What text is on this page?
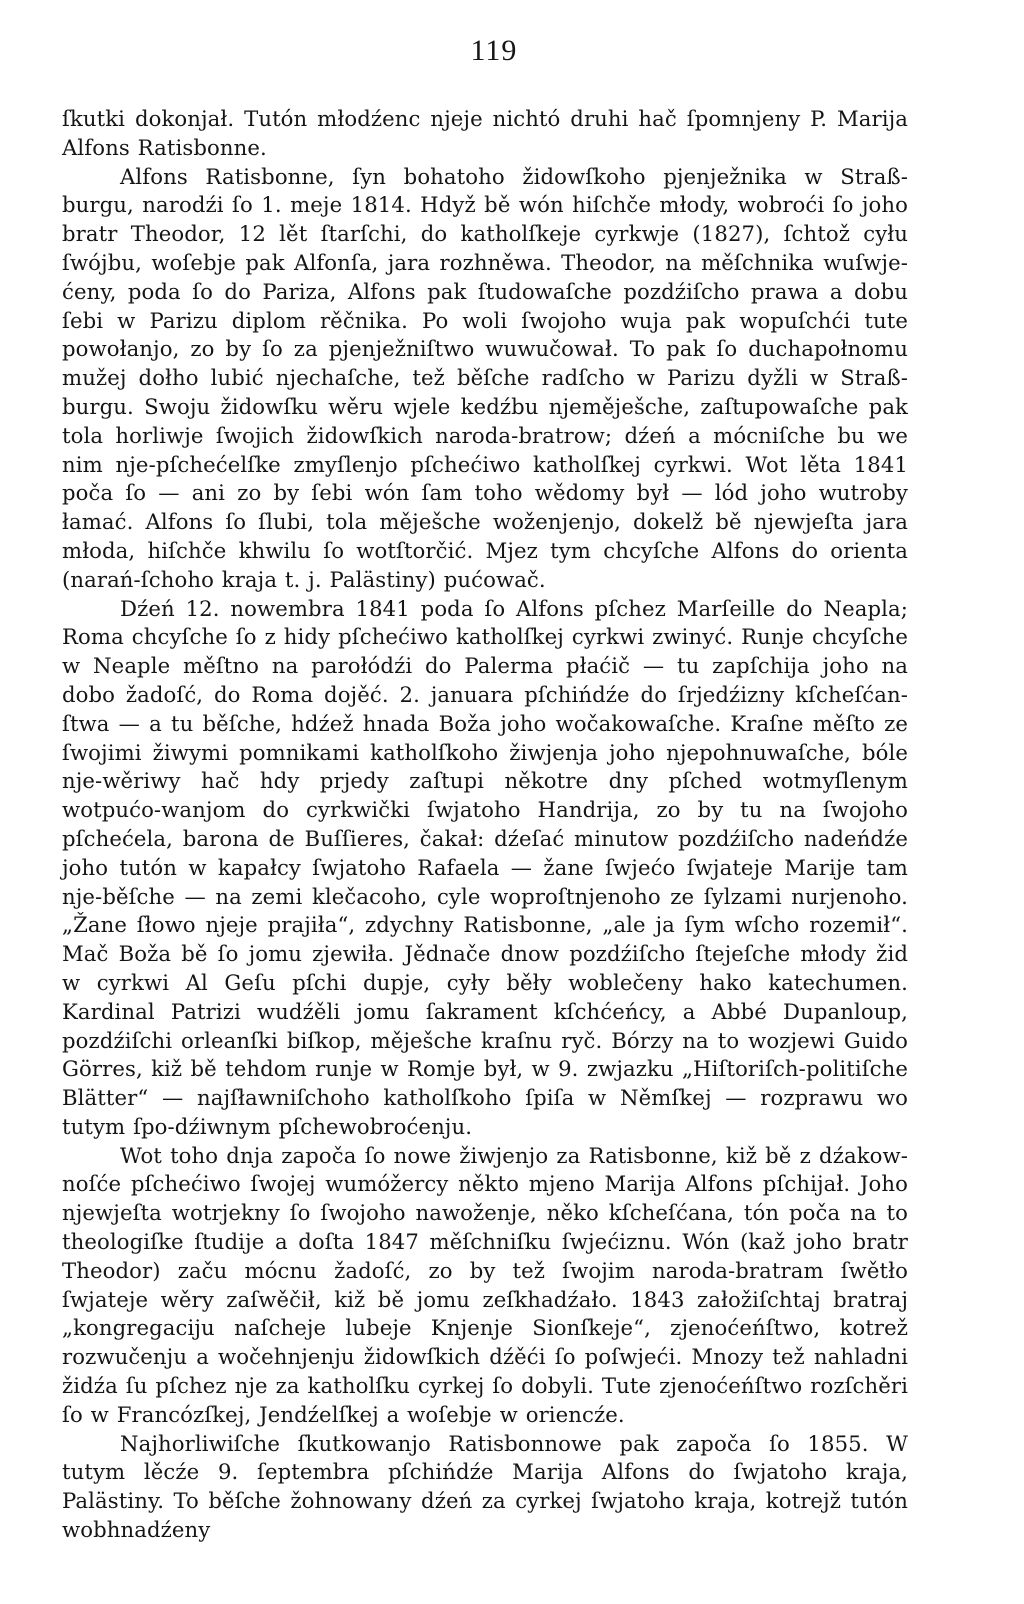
119

ſkutki dokonjał. Tutón młodźenc njeje nichtó druhi hač ſpomnjeny P. Marija Alfons Ratisbonne.

Alfons Ratisbonne, ſyn bohatoho židowſkoho pjenježnika w Straß-burgu, narodźi ſo 1. meje 1814. Hdyž bě wón hiſchče młody, wobroći ſo joho bratr Theodor, 12 lět ſtarſchi, do katholſkeje cyrkwje (1827), ſchtož cyłu ſwójbu, woſebje pak Alfonſa, jara rozhněwa. Theodor, na měſchnika wuſwje-ćeny, poda ſo do Pariza, Alfons pak ſtudowaſche pozdźiſcho prawa a dobu ſebi w Parizu diplom rěčnika. Po woli ſwojoho wuja pak wopuſchći tute powołanjo, zo by ſo za pjenježniſtwo wuwučował. To pak ſo duchapołnomu mužej dołho lubić njechaſche, tež běſche radſcho w Parizu dyžli w Straß-burgu. Swoju židowſku wěru wjele kedźbu njeměješche, zaſtupowaſche pak tola horliwje ſwojich židowſkich naroda-bratrow; dźeń a mócniſche bu we nim nje-pſchećelſke zmyſlenjo pſchećiwo katholſkej cyrkwi. Wot lěta 1841 poča ſo — ani zo by ſebi wón ſam toho wědomy był — lód joho wutroby łamać. Alfons ſo ſlubi, tola měješche woženjenjo, dokelž bě njewjeſta jara młoda, hiſchče khwilu ſo wotſtorčić. Mjez tym chcyſche Alfons do orienta (narań-ſchoho kraja t. j. Palästiny) pućowač.

Dźeń 12. nowembra 1841 poda ſo Alfons pſchez Marſeille do Neapla; Roma chcyſche ſo z hidy pſchećiwo katholſkej cyrkwi zwinyć. Runje chcyſche w Neaple měſtno na parołódźi do Palerma płaćič — tu zapſchija joho na dobo žadoſć, do Roma dojěć. 2. januara pſchińdźe do ſrjedźizny kſcheſćan-ſtwa — a tu běſche, hdźež hnada Boža joho wočakowaſche. Kraſne měſto ze ſwojimi žiwymi pomnikami katholſkoho žiwjenja joho njepohnuwaſche, bóle nje-wěriwy hač hdy prjedy zaſtupi někotre dny pſched wotmyſlenym wotpućo-wanjom do cyrkwički ſwjatoho Handrija, zo by tu na ſwojoho pſchećela, barona de Buſſieres, čakał: dźeſać minutow pozdźiſcho nadeńdźe joho tutón w kapałcy ſwjatoho Rafaela — žane ſwjećo ſwjateje Marije tam nje-běſche — na zemi klečacoho, cyle woproſtnjenoho ze ſylzami nurjenoho. „Žane ſłowo njeje prajiła“, zdychny Ratisbonne, „ale ja ſym wſcho rozemił“. Mač Boža bě ſo jomu zjewiła. Jědnače dnow pozdźiſcho ſtejeſche młody žid w cyrkwi Al Geſu pſchi dupje, cyły běły woblečeny hako katechumen. Kardinal Patrizi wudźěli jomu ſakrament kſchćeńcy, a Abbé Dupanloup, pozdźiſchi orleanſki biſkop, měješche kraſnu ryč. Bórzy na to wozjewi Guido Görres, kiž bě tehdom runje w Romje był, w 9. zwjazku „Hiſtoriſch-politiſche Blätter“ — najſławniſchoho katholſkoho ſpiſa w Němſkej — rozprawu wo tutym ſpo-dźiwnym pſchewobroćenju.

Wot toho dnja započa ſo nowe žiwjenjo za Ratisbonne, kiž bě z dźakow-noſće pſchećiwo ſwojej wumóžercy někto mjeno Marija Alfons pſchijał. Joho njewjeſta wotrjekny ſo ſwojoho nawoženje, něko kſcheſćana, tón poča na to theologiſke ſtudije a doſta 1847 měſchniſku ſwjećiznu. Wón (kaž joho bratr Theodor) začu mócnu žadoſć, zo by tež ſwojim naroda-bratram ſwětło ſwjateje wěry zaſwěčił, kiž bě jomu zeſkhadźało. 1843 załožiſchtaj bratraj „kongregaciju naſcheje lubeje Knjenje Sionſkeje“, zjenoćeńſtwo, kotrež rozwučenju a wočehnjenju židowſkich dźěći ſo poſwjeći. Mnozy tež nahladni židźa ſu pſchez nje za katholſku cyrkej ſo dobyli. Tute zjenoćeńſtwo rozſchěri ſo w Francózſkej, Jendźelſkej a woſebje w oriencźe.

Najhorliwiſche ſkutkowanjo Ratisbonnowe pak započa ſo 1855. W tutym lěcźe 9. ſeptembra pſchińdźe Marija Alfons do ſwjatoho kraja, Palästiny. To běſche žohnowany dźeń za cyrkej ſwjatoho kraja, kotrejž tutón wobhnadźeny
